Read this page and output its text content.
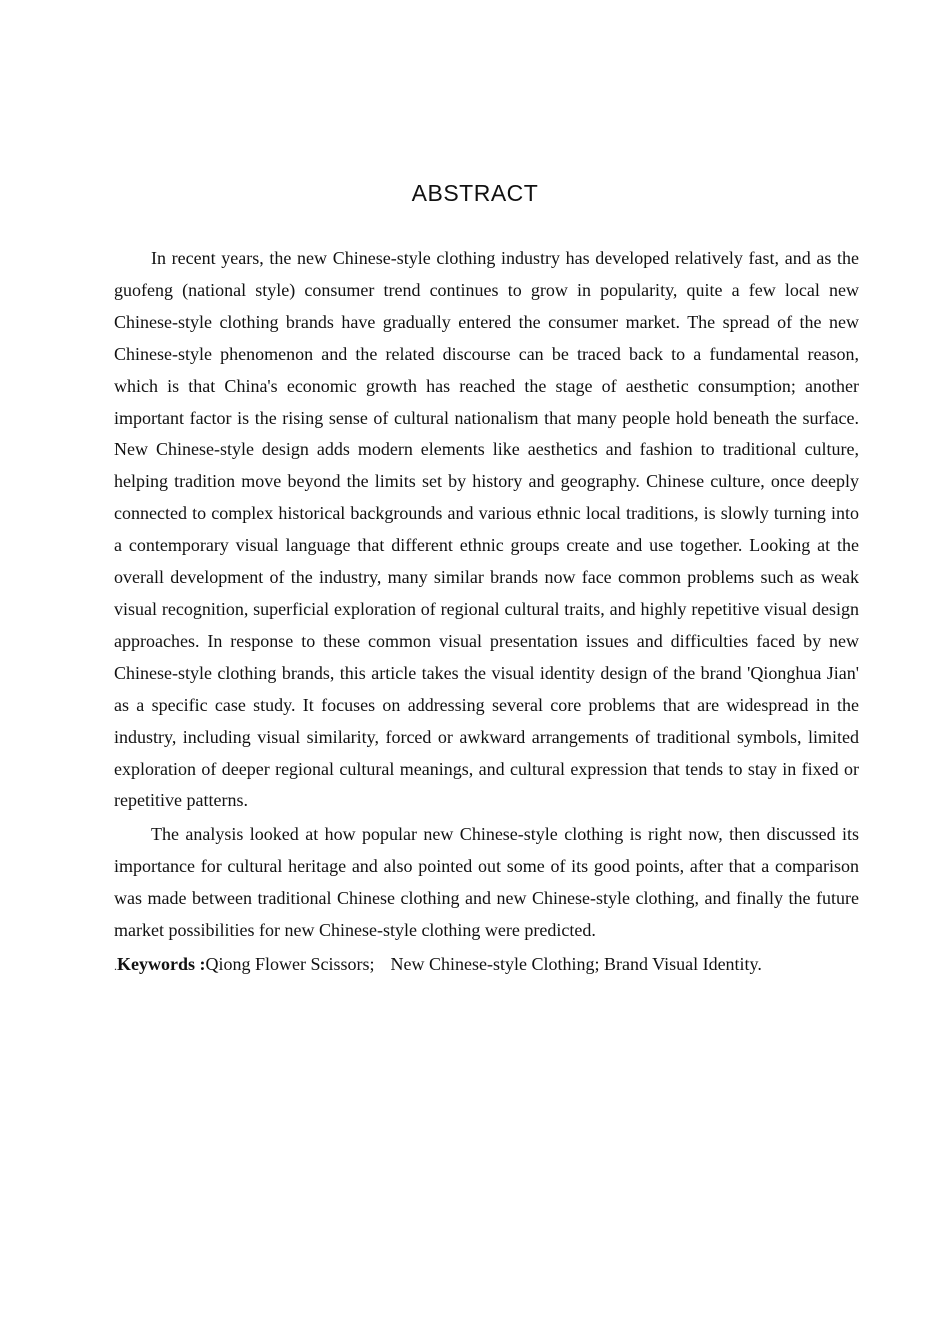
ABSTRACT

In recent years, the new Chinese-style clothing industry has developed relatively fast, and as the guofeng (national style) consumer trend continues to grow in popularity, quite a few local new Chinese-style clothing brands have gradually entered the consumer market. The spread of the new Chinese-style phenomenon and the related discourse can be traced back to a fundamental reason, which is that China's economic growth has reached the stage of aesthetic consumption; another important factor is the rising sense of cultural nationalism that many people hold beneath the surface. New Chinese-style design adds modern elements like aesthetics and fashion to traditional culture, helping tradition move beyond the limits set by history and geography. Chinese culture, once deeply connected to complex historical backgrounds and various ethnic local traditions, is slowly turning into a contemporary visual language that different ethnic groups create and use together. Looking at the overall development of the industry, many similar brands now face common problems such as weak visual recognition, superficial exploration of regional cultural traits, and highly repetitive visual design approaches. In response to these common visual presentation issues and difficulties faced by new Chinese-style clothing brands, this article takes the visual identity design of the brand 'Qionghua Jian' as a specific case study. It focuses on addressing several core problems that are widespread in the industry, including visual similarity, forced or awkward arrangements of traditional symbols, limited exploration of deeper regional cultural meanings, and cultural expression that tends to stay in fixed or repetitive patterns.

The analysis looked at how popular new Chinese-style clothing is right now, then discussed its importance for cultural heritage and also pointed out some of its good points, after that a comparison was made between traditional Chinese clothing and new Chinese-style clothing, and finally the future market possibilities for new Chinese-style clothing were predicted.

.Keywords :Qiong Flower Scissors; New Chinese-style Clothing; Brand Visual Identity.
